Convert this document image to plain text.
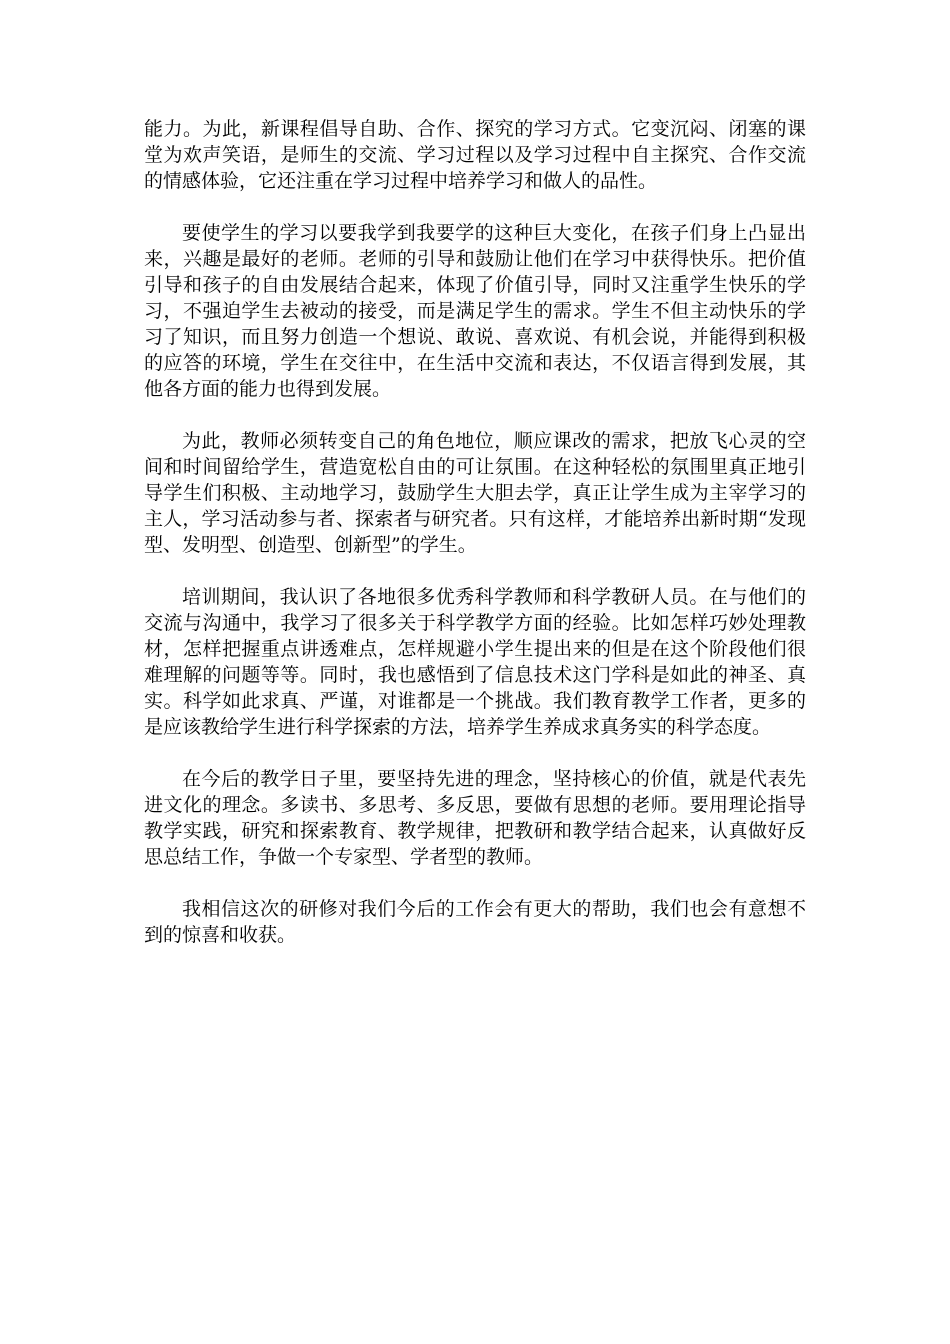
能力。为此，新课程倡导自助、合作、探究的学习方式。它变沉闷、闭塞的课堂为欢声笑语，是师生的交流、学习过程以及学习过程中自主探究、合作交流的情感体验，它还注重在学习过程中培养学习和做人的品性。

要使学生的学习以要我学到我要学的这种巨大变化，在孩子们身上凸显出来，兴趣是最好的老师。老师的引导和鼓励让他们在学习中获得快乐。把价值引导和孩子的自由发展结合起来，体现了价值引导，同时又注重学生快乐的学习，不强迫学生去被动的接受，而是满足学生的需求。学生不但主动快乐的学习了知识，而且努力创造一个想说、敢说、喜欢说、有机会说，并能得到积极的应答的环境，学生在交往中，在生活中交流和表达，不仅语言得到发展，其他各方面的能力也得到发展。

为此，教师必须转变自己的角色地位，顺应课改的需求，把放飞心灵的空间和时间留给学生，营造宽松自由的可让氛围。在这种轻松的氛围里真正地引导学生们积极、主动地学习，鼓励学生大胆去学，真正让学生成为主宰学习的主人，学习活动参与者、探索者与研究者。只有这样，才能培养出新时期“发现型、发明型、创造型、创新型”的学生。

培训期间，我认识了各地很多优秀科学教师和科学教研人员。在与他们的交流与沟通中，我学习了很多关于科学教学方面的经验。比如怎样巧妙处理教材，怎样把握重点讲透难点，怎样规避小学生提出来的但是在这个阶段他们很难理解的问题等等。同时，我也感悟到了信息技术这门学科是如此的神圣、真实。科学如此求真、严谨，对谁都是一个挑战。我们教育教学工作者，更多的是应该教给学生进行科学探索的方法，培养学生养成求真务实的科学态度。

在今后的教学日子里，要坚持先进的理念，坚持核心的价值，就是代表先进文化的理念。多读书、多思考、多反思，要做有思想的老师。要用理论指导教学实践，研究和探索教育、教学规律，把教研和教学结合起来，认真做好反思总结工作，争做一个专家型、学者型的教师。

我相信这次的研修对我们今后的工作会有更大的帮助，我们也会有意想不到的惊喜和收获。
